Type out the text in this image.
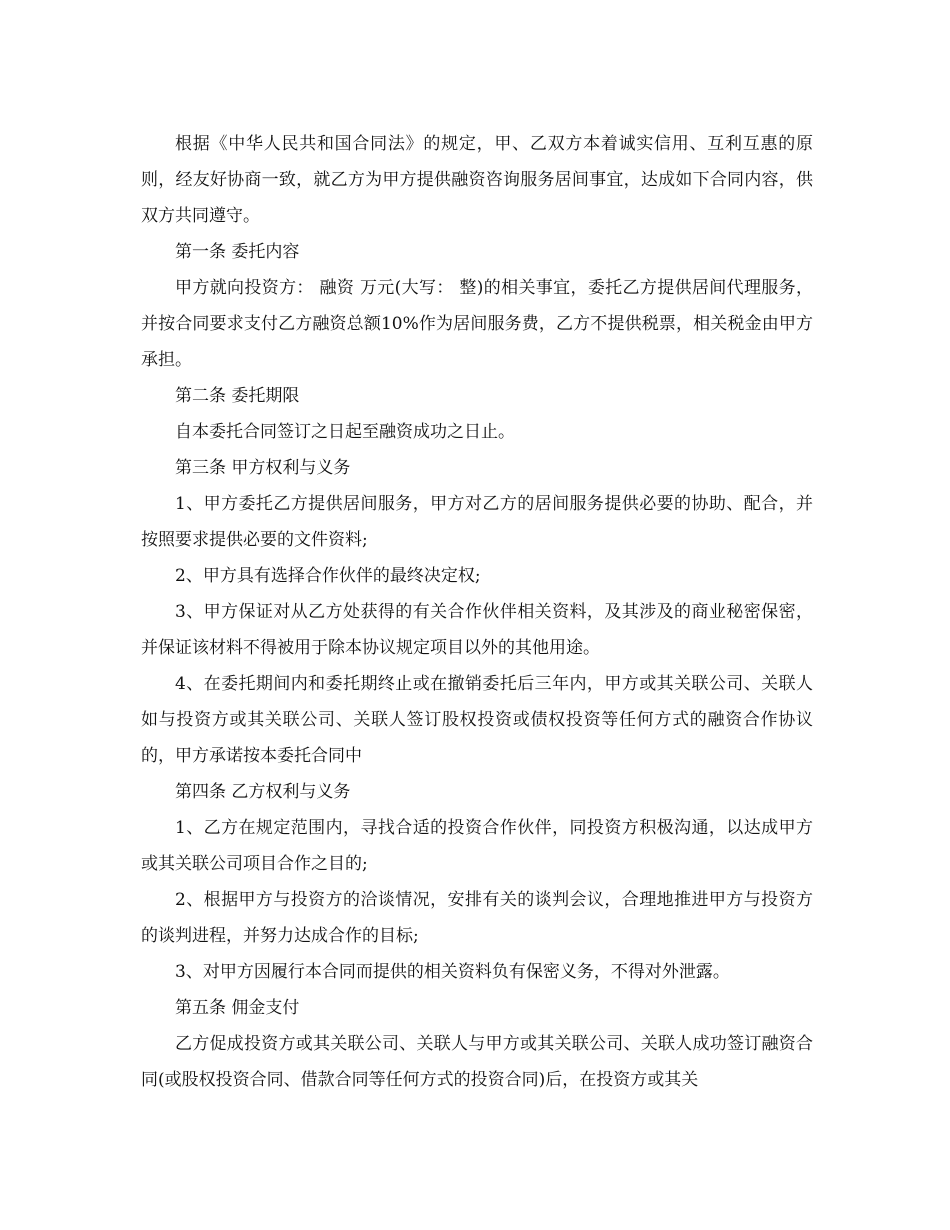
根据《中华人民共和国合同法》的规定，甲、乙双方本着诚实信用、互利互惠的原则，经友好协商一致，就乙方为甲方提供融资咨询服务居间事宜，达成如下合同内容，供双方共同遵守。

第一条 委托内容

甲方就向投资方： 融资 万元(大写： 整)的相关事宜，委托乙方提供居间代理服务，并按合同要求支付乙方融资总额10%作为居间服务费，乙方不提供税票，相关税金由甲方承担。

第二条 委托期限

自本委托合同签订之日起至融资成功之日止。

第三条 甲方权利与义务

1、甲方委托乙方提供居间服务，甲方对乙方的居间服务提供必要的协助、配合，并按照要求提供必要的文件资料;

2、甲方具有选择合作伙伴的最终决定权;

3、甲方保证对从乙方处获得的有关合作伙伴相关资料，及其涉及的商业秘密保密，并保证该材料不得被用于除本协议规定项目以外的其他用途。

4、在委托期间内和委托期终止或在撤销委托后三年内，甲方或其关联公司、关联人如与投资方或其关联公司、关联人签订股权投资或债权投资等任何方式的融资合作协议的，甲方承诺按本委托合同中

第四条 乙方权利与义务

1、乙方在规定范围内，寻找合适的投资合作伙伴，同投资方积极沟通，以达成甲方或其关联公司项目合作之目的;

2、根据甲方与投资方的洽谈情况，安排有关的谈判会议，合理地推进甲方与投资方的谈判进程，并努力达成合作的目标;

3、对甲方因履行本合同而提供的相关资料负有保密义务，不得对外泄露。

第五条 佣金支付

乙方促成投资方或其关联公司、关联人与甲方或其关联公司、关联人成功签订融资合同(或股权投资合同、借款合同等任何方式的投资合同)后，在投资方或其关
